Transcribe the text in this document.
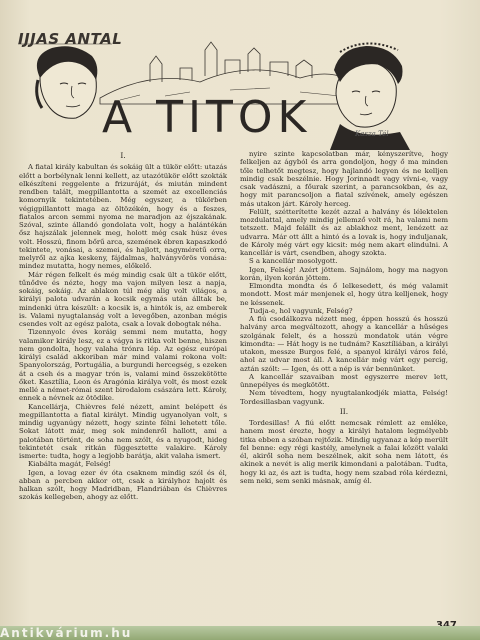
IJJAS ANTAL
A TITOK	Kasza Tél

I.

A fiatal király kabultan és sokáig ült a tükör előtt: utazás előtt a borbélynak lenni kellett, az utazótükör előtt szokták elkészíteni reggelente a frizuráját, és miután mindent rendben talált, megpillantotta a szemét az excellenciás komornyik tekintetében. Még egyszer, a tükörben végigpillantott maga az öltözékén, hogy és a feszes, fiatalos arcon semmi nyoma ne maradjon az éjszakának. Szóval, szinte állandó gondolata volt, hogy a halántékán ősz hajszálak jelennek meg, holott még csak húsz éves volt. Hosszú, finom bőrű arca, szemének ébren kapaszkodó tekintete, vonásai, a szemei, és hajlott, nagyméretű orra, melyről az ajka keskeny, fájdalmas, halványvörös vonása: mindez mutatta, hogy nemes, előkelő.

Már régen felkelt és még mindig csak ült a tükör előtt, tűnődve és nézte, hogy ma vajon milyen lesz a napja, sokáig, sokáig. Az ablakon túl még alig volt világos, a királyi palota udvarán a kocsik egymás után álltak be, mindenki útra készült: a kocsik is, a hintók is, az emberek is. Valami nyugtalanság volt a levegőben, azonban mégis csendes volt az egész palota, csak a lovak dobogtak néha.

Tizennyolc éves koráig semmi nem mutatta, hogy valamikor király lesz, ez a vágya is ritka volt benne, hiszen nem gondolta, hogy valaha trónra lép. Az egész európai királyi család akkoriban már mind valami rokona volt: Spanyolország, Portugália, a burgundi hercegség, s ezeken át a cseh és a magyar trón is, valami mind összekötötte őket. Kasztília, Leon és Aragónia királya volt, és most ezek mellé a német-római szent birodalom császára lett. Károly, ennek a névnek az ötödike.

Kancellárja, Chièvres felé nézett, amint belépett és megpillantotta a fiatal királyt. Mindig ugyanolyan volt, s mindig ugyanúgy nézett, hogy szinte félni lehetett tőle. Sokat látott már, meg sok mindenről hallott, ami a palotában történt, de soha nem szólt, és a nyugodt, hideg tekintetét csak ritkán függesztette valakire. Károly ismerte: tudta, hogy a legjobb barátja, akit valaha ismert.

Kiabálta magát, Felség!

Igen, a lovag ezer év óta csaknem mindig szól és él, abban a percben akkor ott, csak a királyhoz hajolt és halkan szólt, hogy Madridban, Flandriában és Chièvres szokás kellegeben, ahogy az előtt.

nyire szinte kapcsolatban már, kényszerítve, hogy felkeljen az ágyból és arra gondoljon, hogy ő ma minden tőle telhetőt megtesz, hogy hajlandó legyen és ne kelljen mindig csak beszélnie. Hogy Jorinnadt vagy vívni-e, vagy csak vadászni, a főurak szerint, a parancsokban, és az, hogy mit parancsoljon a fiatal szívének, amely egészen más utakon járt. Károly herceg.

Felült, szétterítette kezét azzal a halvány és lélektelen mozdulattal, amely mindig jellemző volt rá, ha valami nem tetszett. Majd felállt és az ablakhoz ment, lenézett az udvarra. Már ott állt a hintó és a lovak is, hogy induljanak, de Károly még várt egy kicsit: még nem akart elindulni. A kancellár is várt, csendben, ahogy szokta.

S a kancellár mosolygott.

Igen, Felség! Azért jöttem. Sajnálom, hogy ma nagyon korán, ilyen korán jöttem.

Elmondta mondta és ő lelkesedett, és még valamit mondott. Most már menjenek el, hogy útra kelljenek, hogy ne késsenek.

Tudja-e, hol vagyunk, Felség?

A fiú csodálkozva nézett meg, éppen hosszú és hosszú halvány arca megváltozott, ahogy a kancellár a hűséges szolgának felelt, és a hosszú mondatok után végre kimondta: — Hát hogy is ne tudnám? Kasztíliában, a királyi utakon, messze Burgos felé, a spanyol királyi város felé, ahol az udvar most áll. A kancellár még várt egy percig, aztán szólt: — Igen, és ott a nép is vár bennünket.

A kancellár szavaiban most egyszerre merev lett, ünnepélyes és megkötött.

Nem tévedtem, hogy nyugtalankodjék miatta, Felség! Tordesillasban vagyunk.

II.

Tordesillas! A fiú előtt nemcsak rémlett az emléke, hanem most érezte, hogy a királyi hatalom legmélyebb titka ebben a szóban rejtőzik. Mindig ugyanaz a kép merült fel benne: egy régi kastély, amelynek a falai között valaki él, akiről soha nem beszélnek, akit soha nem látott, és akinek a nevét is alig merik kimondani a palotában. Tudta, hogy ki az, és azt is tudta, hogy nem szabad róla kérdezni, sem neki, sem senki másnak, amíg él.

Antikvárium.hu
